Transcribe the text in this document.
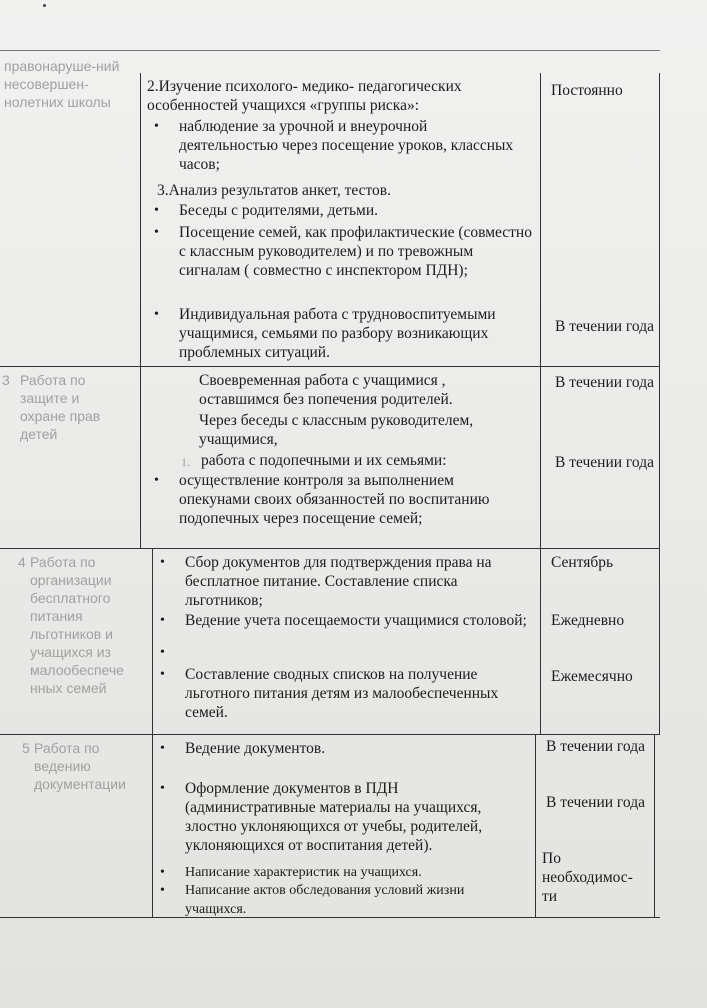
правонаруше-ний несовершен-нолетних школы
2.Изучение психолого- медико- педагогических особенностей учащихся «группы риска»:
• наблюдение за урочной и внеурочной деятельностью через посещение уроков, классных часов;
3.Анализ результатов анкет, тестов.
• Беседы с родителями, детьми.
• Посещение семей, как профилактические (совместно с классным руководителем) и по тревожным сигналам ( совместно с инспектором ПДН);
• Индивидуальная работа с трудновоспитуемыми учащимися, семьями по разбору возникающих проблемных ситуаций.
Постоянно
В течении года
3 Работа по защите и охране прав детей
Своевременная работа с учащимися , оставшимся без попечения родителей.
Через беседы с классным руководителем, учащимися,
1. работа с подопечными и их семьями:
• осуществление контроля за выполнением опекунами своих обязанностей по воспитанию подопечных через посещение семей;
В течении года
В течении года
4 Работа по организации бесплатного питания льготников и учащихся из малообеспече нных семей
• Сбор документов для подтверждения права на бесплатное питание. Составление списка льготников;
• Ведение учета посещаемости учащимися столовой;
• Составление сводных списков на получение льготного питания детям из малообеспеченных семей.
Сентябрь
Ежедневно
Ежемесячно
5 Работа по ведению документации
• Ведение документов.
• Оформление документов в ПДН (административные материалы на учащихся, злостно уклоняющихся от учебы, родителей, уклоняющихся от воспитания детей).
• Написание характеристик на учащихся.
• Написание актов обследования условий жизни учащихся.
В течении года
В течении года
По необходимос-ти
